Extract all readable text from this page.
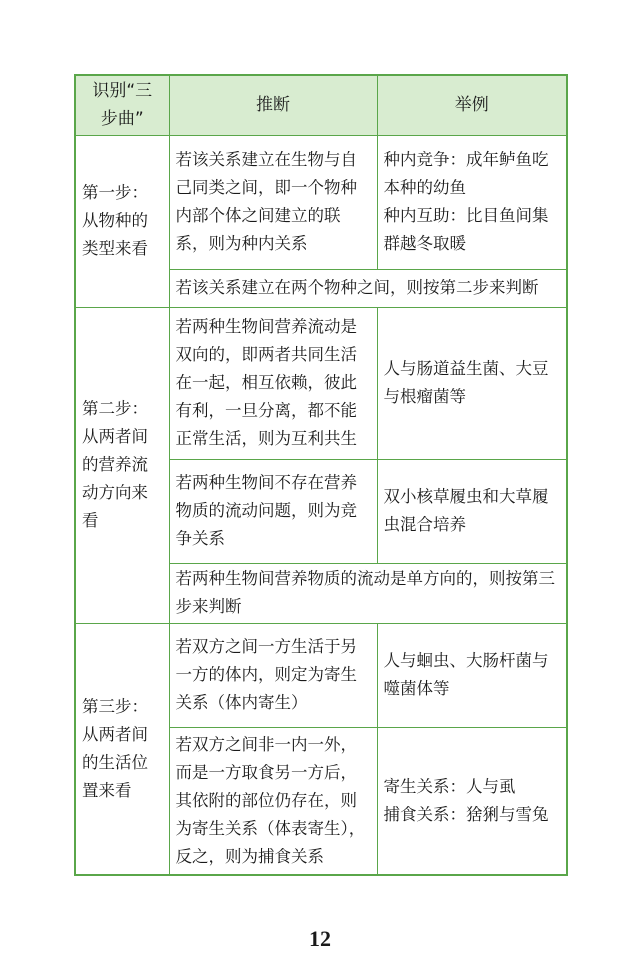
识别“三步曲”	推断	举例
第一步：从物种的类型来看	若该关系建立在生物与自己同类之间，即一个物种内部个体之间建立的联系，则为种内关系	种内竞争：成年鲈鱼吃本种的幼鱼
种内互助：比目鱼间集群越冬取暖
	若该关系建立在两个物种之间，则按第二步来判断	
第二步：从两者间的营养流动方向来看	若两种生物间营养流动是双向的，即两者共同生活在一起，相互依赖，彼此有利，一旦分离，都不能正常生活，则为互利共生	人与肠道益生菌、大豆与根瘤菌等
	若两种生物间不存在营养物质的流动问题，则为竞争关系	双小核草履虫和大草履虫混合培养
	若两种生物间营养物质的流动是单方向的，则按第三步来判断	
第三步：从两者间的生活位置来看	若双方之间一方生活于另一方的体内，则定为寄生关系（体内寄生）	人与蛔虫、大肠杆菌与噬菌体等
	若双方之间非一内一外，而是一方取食另一方后，其依附的部位仍存在，则为寄生关系（体表寄生），反之，则为捕食关系	寄生关系：人与虱
捕食关系：猞猁与雪兔
12
